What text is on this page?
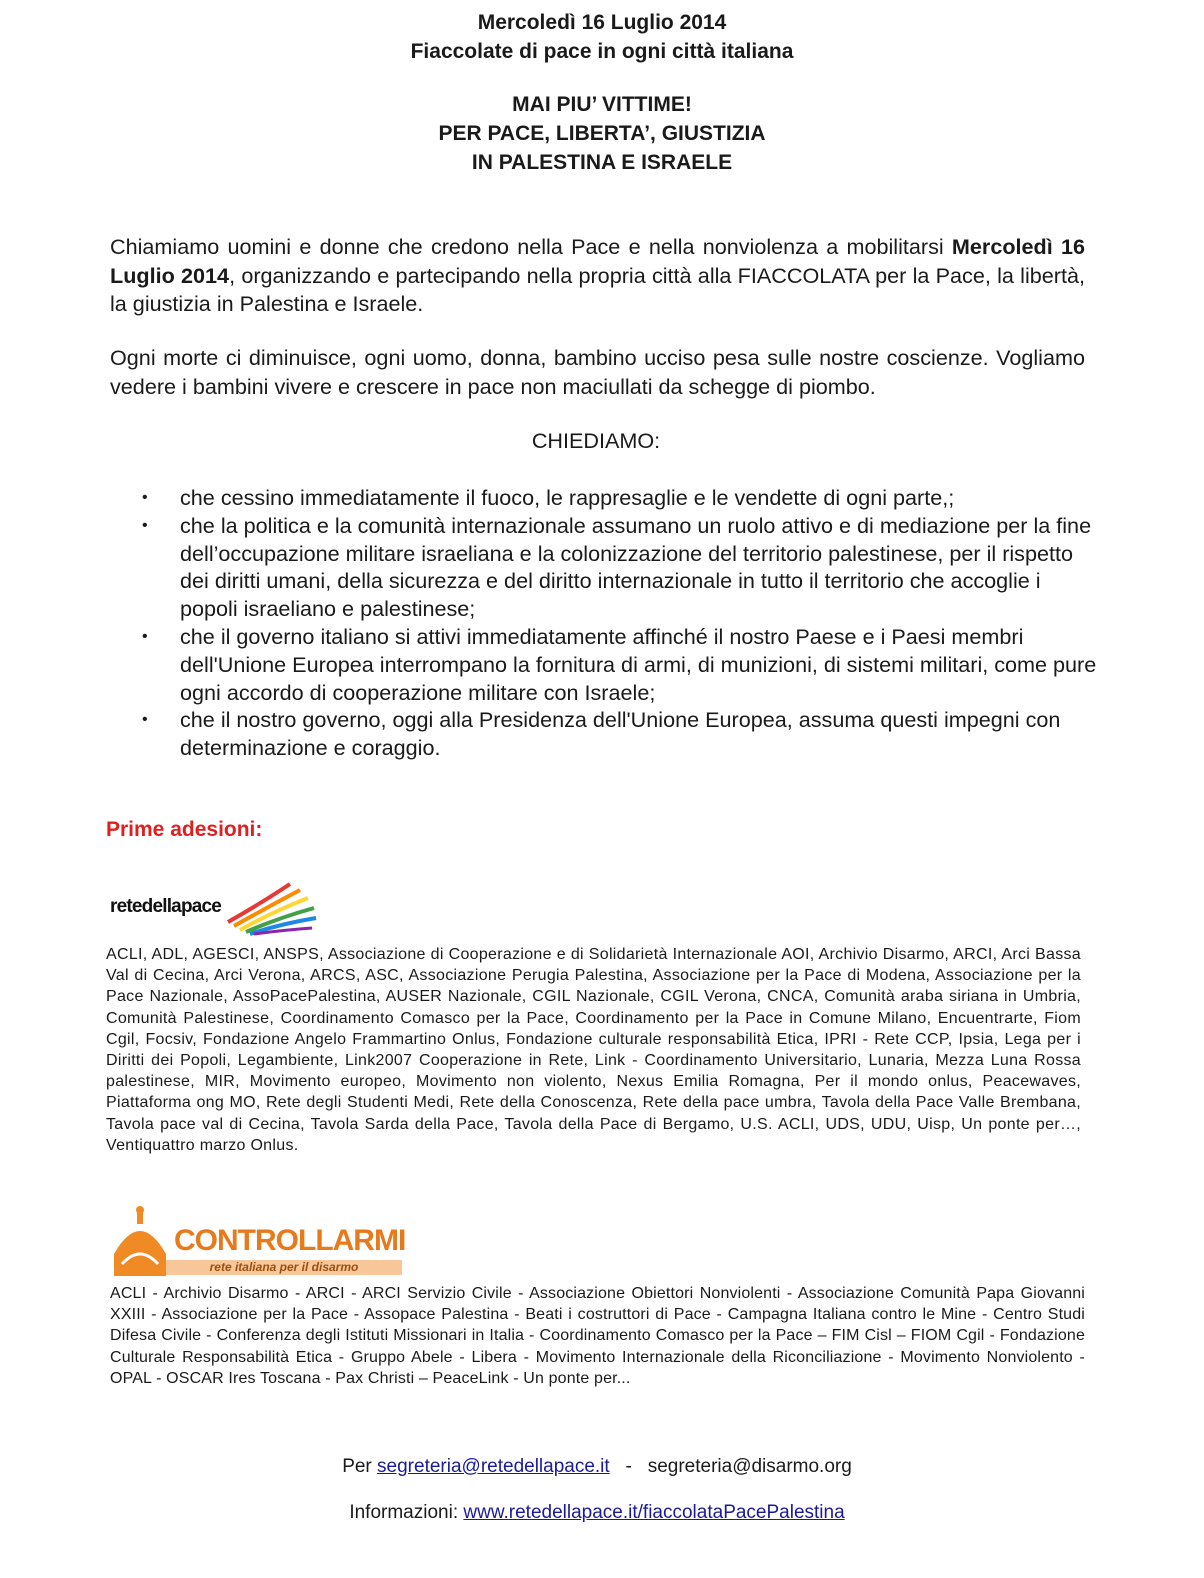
Mercoledì 16 Luglio 2014
Fiaccolate di pace in ogni città italiana
MAI PIU’ VITTIME!
PER PACE, LIBERTA’, GIUSTIZIA
IN PALESTINA E ISRAELE

Chiamiamo uomini e donne che credono nella Pace e nella nonviolenza a mobilitarsi Mercoledì 16 Luglio 2014, organizzando e partecipando nella propria città alla FIACCOLATA per la Pace, la libertà, la giustizia in Palestina e Israele.

Ogni morte ci diminuisce, ogni uomo, donna, bambino ucciso pesa sulle nostre coscienze. Vogliamo vedere i bambini vivere e crescere in pace non maciullati da schegge di piombo.

CHIEDIAMO:
• che cessino immediatamente il fuoco, le rappresaglie e le vendette di ogni parte,;
• che la politica e la comunità internazionale assumano un ruolo attivo e di mediazione per la fine dell’occupazione militare israeliana e la colonizzazione del territorio palestinese, per il rispetto dei diritti umani, della sicurezza e del diritto internazionale in tutto il territorio che accoglie i popoli israeliano e palestinese;
• che il governo italiano si attivi immediatamente affinché il nostro Paese e i Paesi membri dell'Unione Europea interrompano la fornitura di armi, di munizioni, di sistemi militari, come pure ogni accordo di cooperazione militare con Israele;
• che il nostro governo, oggi alla Presidenza dell'Unione Europea, assuma questi impegni con determinazione e coraggio.
Prime adesioni:
retedellapace

ACLI, ADL, AGESCI, ANSPS, Associazione di Cooperazione e di Solidarietà Internazionale AOI, Archivio Disarmo, ARCI, Arci Bassa Val di Cecina, Arci Verona, ARCS, ASC, Associazione Perugia Palestina, Associazione per la Pace di Modena, Associazione per la Pace Nazionale, AssoPacePalestina, AUSER Nazionale, CGIL Nazionale, CGIL Verona, CNCA, Comunità araba siriana in Umbria, Comunità Palestinese, Coordinamento Comasco per la Pace, Coordinamento per la Pace in Comune Milano, Encuentrarte, Fiom Cgil, Focsiv, Fondazione Angelo Frammartino Onlus, Fondazione culturale responsabilità Etica, IPRI - Rete CCP, Ipsia, Lega per i Diritti dei Popoli, Legambiente, Link2007 Cooperazione in Rete, Link - Coordinamento Universitario, Lunaria, Mezza Luna Rossa palestinese, MIR, Movimento europeo, Movimento non violento, Nexus Emilia Romagna, Per il mondo onlus, Peacewaves, Piattaforma ong MO, Rete degli Studenti Medi, Rete della Conoscenza, Rete della pace umbra, Tavola della Pace Valle Brembana, Tavola pace val di Cecina, Tavola Sarda della Pace, Tavola della Pace di Bergamo, U.S. ACLI, UDS, UDU, Uisp, Un ponte per…, Ventiquattro marzo Onlus.

CONTROLLARMI
rete italiana per il disarmo

ACLI - Archivio Disarmo - ARCI - ARCI Servizio Civile - Associazione Obiettori Nonviolenti - Associazione Comunità Papa Giovanni XXIII - Associazione per la Pace - Assopace Palestina - Beati i costruttori di Pace - Campagna Italiana contro le Mine - Centro Studi Difesa Civile - Conferenza degli Istituti Missionari in Italia - Coordinamento Comasco per la Pace – FIM Cisl – FIOM Cgil - Fondazione Culturale Responsabilità Etica - Gruppo Abele - Libera - Movimento Internazionale della Riconciliazione - Movimento Nonviolento - OPAL - OSCAR Ires Toscana - Pax Christi – PeaceLink - Un ponte per...

Per segreteria@retedellapace.it - segreteria@disarmo.org
Informazioni: www.retedellapace.it/fiaccolataPacePalestina
